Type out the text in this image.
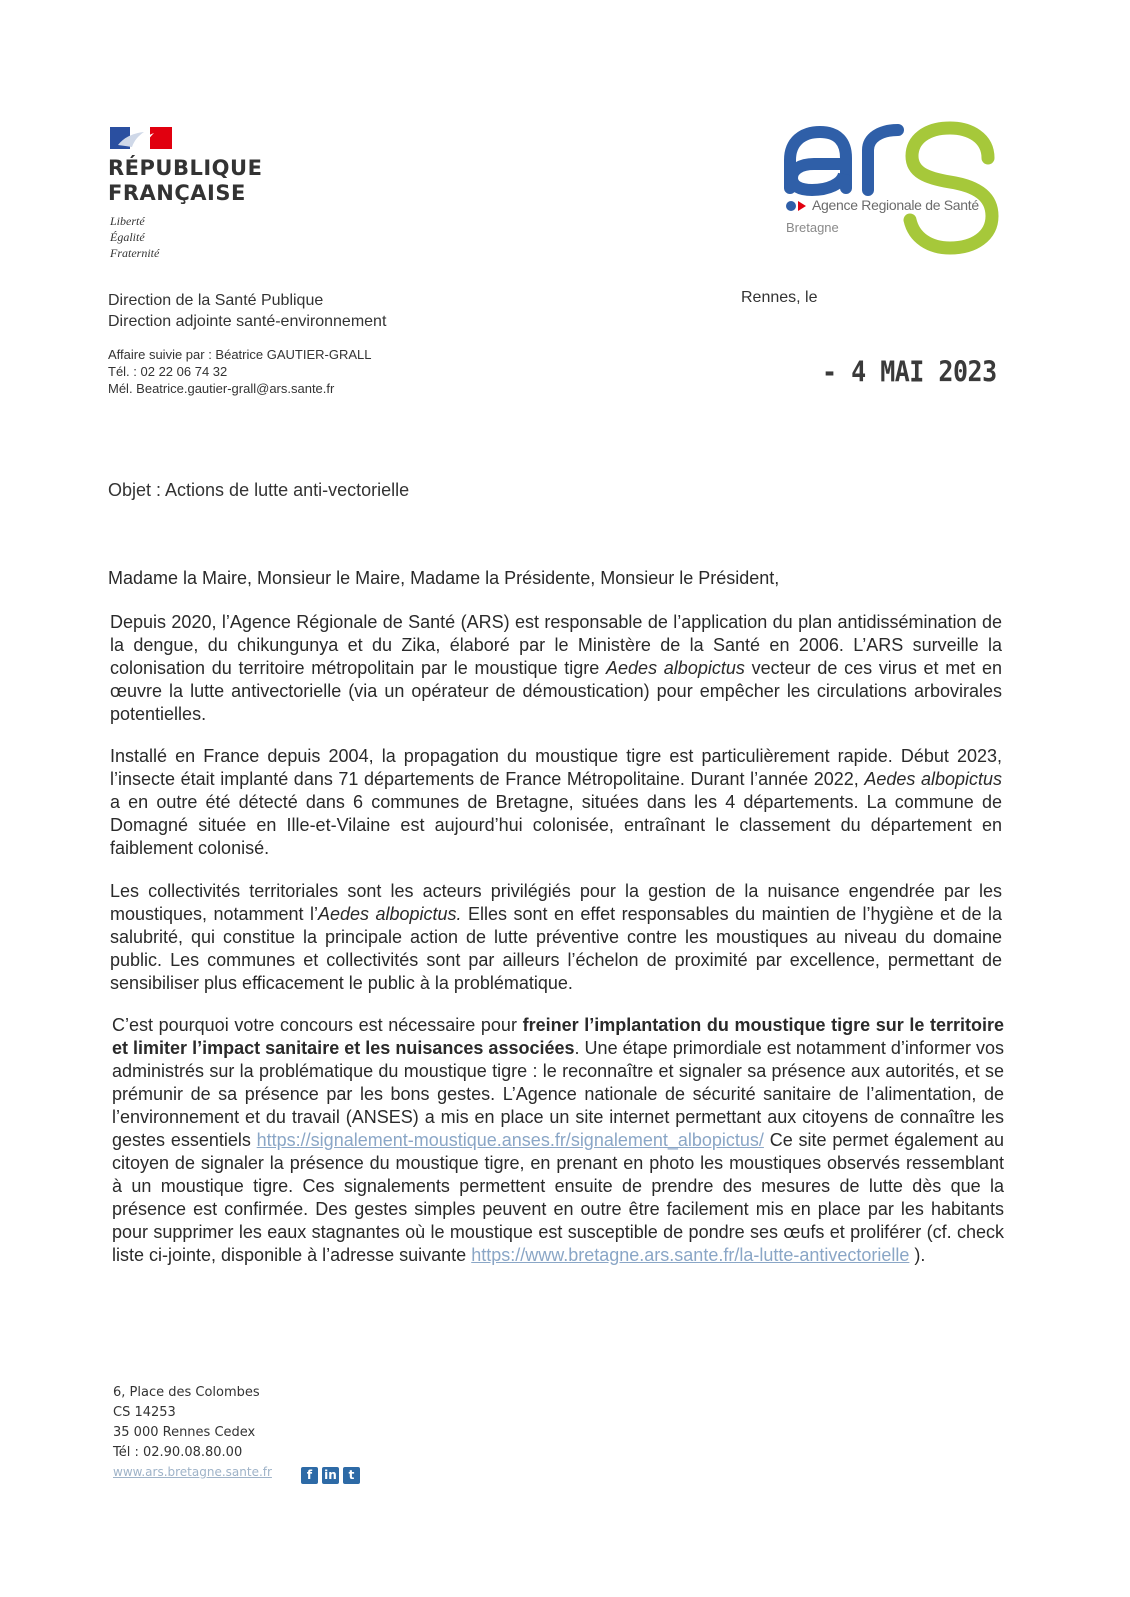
RÉPUBLIQUE
FRANÇAISE
Liberté
Égalité
Fraternité
Agence Regionale de Santé
Bretagne
Direction de la Santé Publique
Direction adjointe santé-environnement
Affaire suivie par : Béatrice GAUTIER-GRALL
Tél. : 02 22 06 74 32
Mél. Beatrice.gautier-grall@ars.sante.fr
Rennes, le
- 4 MAI 2023
Objet : Actions de lutte anti-vectorielle
Madame la Maire, Monsieur le Maire, Madame la Présidente, Monsieur le Président,
Depuis 2020, l’Agence Régionale de Santé (ARS) est responsable de l’application du plan antidissémination de la dengue, du chikungunya et du Zika, élaboré par le Ministère de la Santé en 2006. L’ARS surveille la colonisation du territoire métropolitain par le moustique tigre Aedes albopictus vecteur de ces virus et met en œuvre la lutte antivectorielle (via un opérateur de démoustication) pour empêcher les circulations arbovirales potentielles.
Installé en France depuis 2004, la propagation du moustique tigre est particulièrement rapide. Début 2023, l’insecte était implanté dans 71 départements de France Métropolitaine. Durant l’année 2022, Aedes albopictus a en outre été détecté dans 6 communes de Bretagne, situées dans les 4 départements. La commune de Domagné située en Ille-et-Vilaine est aujourd’hui colonisée, entraînant le classement du département en faiblement colonisé.
Les collectivités territoriales sont les acteurs privilégiés pour la gestion de la nuisance engendrée par les moustiques, notamment l’Aedes albopictus. Elles sont en effet responsables du maintien de l’hygiène et de la salubrité, qui constitue la principale action de lutte préventive contre les moustiques au niveau du domaine public. Les communes et collectivités sont par ailleurs l’échelon de proximité par excellence, permettant de sensibiliser plus efficacement le public à la problématique.
C’est pourquoi votre concours est nécessaire pour freiner l’implantation du moustique tigre sur le territoire et limiter l’impact sanitaire et les nuisances associées. Une étape primordiale est notamment d’informer vos administrés sur la problématique du moustique tigre : le reconnaître et signaler sa présence aux autorités, et se prémunir de sa présence par les bons gestes. L’Agence nationale de sécurité sanitaire de l’alimentation, de l’environnement et du travail (ANSES) a mis en place un site internet permettant aux citoyens de connaître les gestes essentiels https://signalement-moustique.anses.fr/signalement_albopictus/ Ce site permet également au citoyen de signaler la présence du moustique tigre, en prenant en photo les moustiques observés ressemblant à un moustique tigre. Ces signalements permettent ensuite de prendre des mesures de lutte dès que la présence est confirmée. Des gestes simples peuvent en outre être facilement mis en place par les habitants pour supprimer les eaux stagnantes où le moustique est susceptible de pondre ses œufs et proliférer (cf. check liste ci-jointe, disponible à l’adresse suivante https://www.bretagne.ars.sante.fr/la-lutte-antivectorielle ).
6, Place des Colombes
CS 14253
35 000 Rennes Cedex
Tél : 02.90.08.80.00
www.ars.bretagne.sante.fr	f	in t
